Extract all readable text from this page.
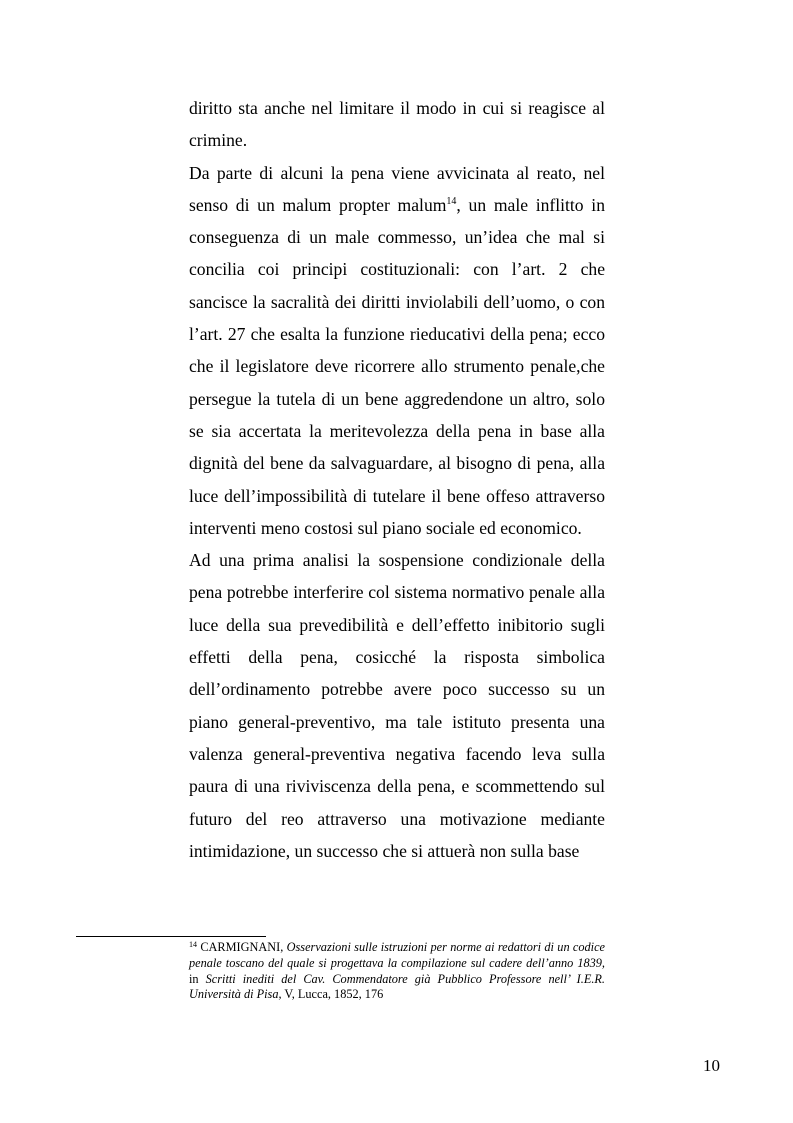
diritto sta anche nel limitare il modo in cui si reagisce al crimine.

Da parte di alcuni la pena viene avvicinata al reato, nel senso di un malum propter malum$^{14}$, un male inflitto in conseguenza di un male commesso, un’idea che mal si concilia coi principi costituzionali: con l’art. 2 che sancisce la sacralità dei diritti inviolabili dell’uomo, o con l’art. 27 che esalta la funzione rieducativi della pena; ecco che il legislatore deve ricorrere allo strumento penale,che persegue la tutela di un bene aggredendone un altro, solo se sia accertata la meritevolezza della pena in base alla dignità del bene da salvaguardare, al bisogno di pena, alla luce dell’impossibilità di tutelare il bene offeso attraverso interventi meno costosi sul piano sociale ed economico.

Ad una prima analisi la sospensione condizionale della pena potrebbe interferire col sistema normativo penale alla luce della sua prevedibilità e dell’effetto inibitorio sugli effetti della pena, cosicché la risposta simbolica dell’ordinamento potrebbe avere poco successo su un piano general-preventivo, ma tale istituto presenta una valenza general-preventiva negativa facendo leva sulla paura di una riviviscenza della pena, e scommettendo sul futuro del reo attraverso una motivazione mediante intimidazione, un successo che si attuerà non sulla base

$^{14}$ CARMIGNANI, Osservazioni sulle istruzioni per norme ai redattori di un codice penale toscano del quale si progettava la compilazione sul cadere dell’anno 1839, in Scritti inediti del Cav. Commendatore già Pubblico Professore nell’ I.E.R. Università di Pisa, V, Lucca, 1852, 176
10
